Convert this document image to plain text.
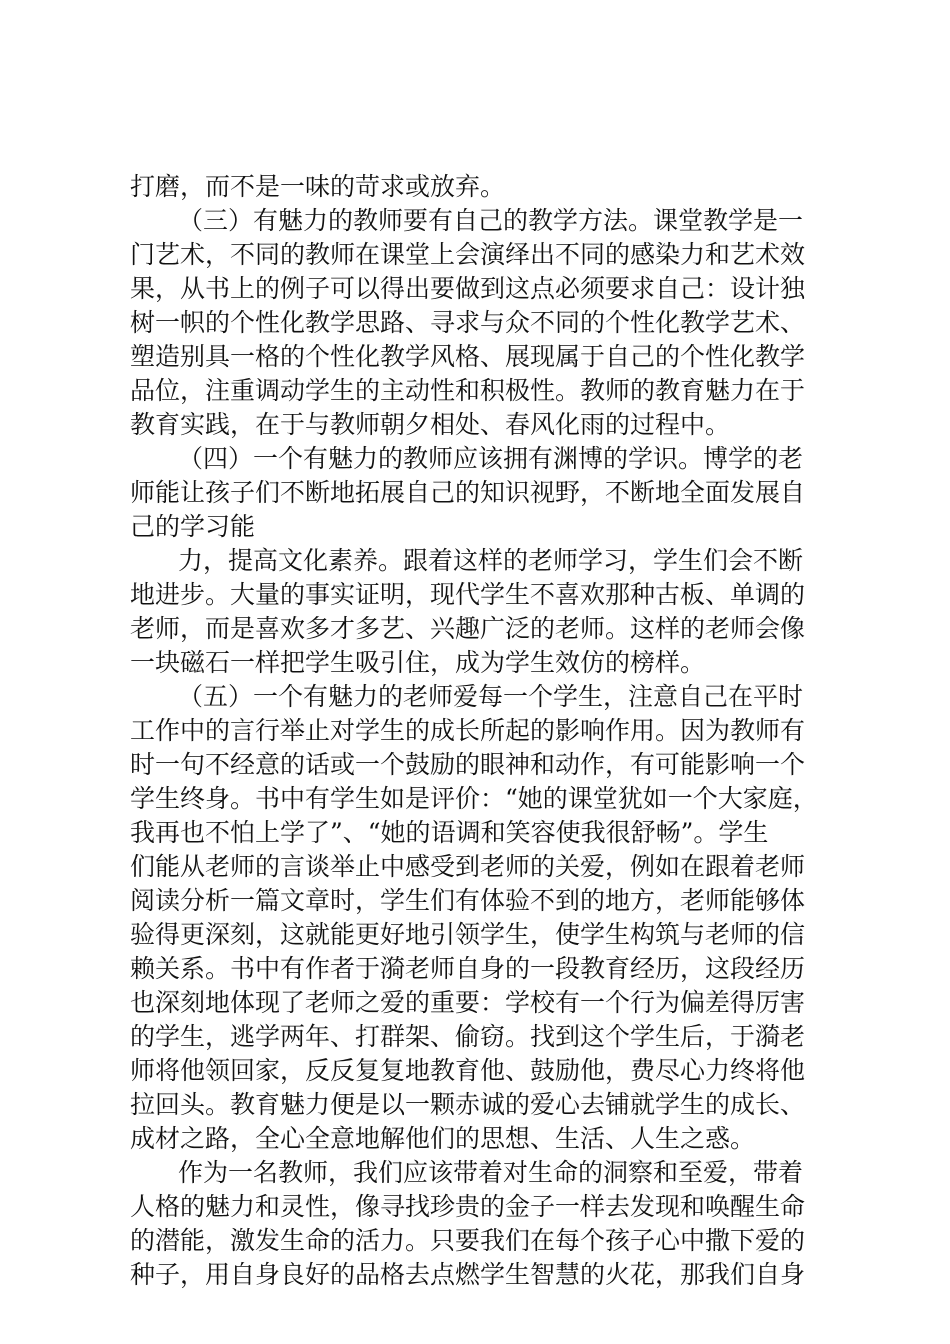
打磨，而不是一味的苛求或放弃。
（三）有魅力的教师要有自己的教学方法。课堂教学是一
门艺术，不同的教师在课堂上会演绎出不同的感染力和艺术效
果，从书上的例子可以得出要做到这点必须要求自己：设计独
树一帜的个性化教学思路、寻求与众不同的个性化教学艺术、
塑造别具一格的个性化教学风格、展现属于自己的个性化教学
品位，注重调动学生的主动性和积极性。教师的教育魅力在于
教育实践，在于与教师朝夕相处、春风化雨的过程中。
（四）一个有魅力的教师应该拥有渊博的学识。博学的老
师能让孩子们不断地拓展自己的知识视野，不断地全面发展自
己的学习能
力，提高文化素养。跟着这样的老师学习，学生们会不断
地进步。大量的事实证明，现代学生不喜欢那种古板、单调的
老师，而是喜欢多才多艺、兴趣广泛的老师。这样的老师会像
一块磁石一样把学生吸引住，成为学生效仿的榜样。
（五）一个有魅力的老师爱每一个学生，注意自己在平时
工作中的言行举止对学生的成长所起的影响作用。因为教师有
时一句不经意的话或一个鼓励的眼神和动作，有可能影响一个
学生终身。书中有学生如是评价：“她的课堂犹如一个大家庭，
我再也不怕上学了”、“她的语调和笑容使我很舒畅”。学生
们能从老师的言谈举止中感受到老师的关爱，例如在跟着老师
阅读分析一篇文章时，学生们有体验不到的地方，老师能够体
验得更深刻，这就能更好地引领学生，使学生构筑与老师的信
赖关系。书中有作者于漪老师自身的一段教育经历，这段经历
也深刻地体现了老师之爱的重要：学校有一个行为偏差得厉害
的学生，逃学两年、打群架、偷窃。找到这个学生后，于漪老
师将他领回家，反反复复地教育他、鼓励他，费尽心力终将他
拉回头。教育魅力便是以一颗赤诚的爱心去铺就学生的成长、
成材之路，全心全意地解他们的思想、生活、人生之惑。
作为一名教师，我们应该带着对生命的洞察和至爱，带着
人格的魅力和灵性，像寻找珍贵的金子一样去发现和唤醒生命
的潜能，激发生命的活力。只要我们在每个孩子心中撒下爱的
种子，用自身良好的品格去点燃学生智慧的火花，那我们自身
